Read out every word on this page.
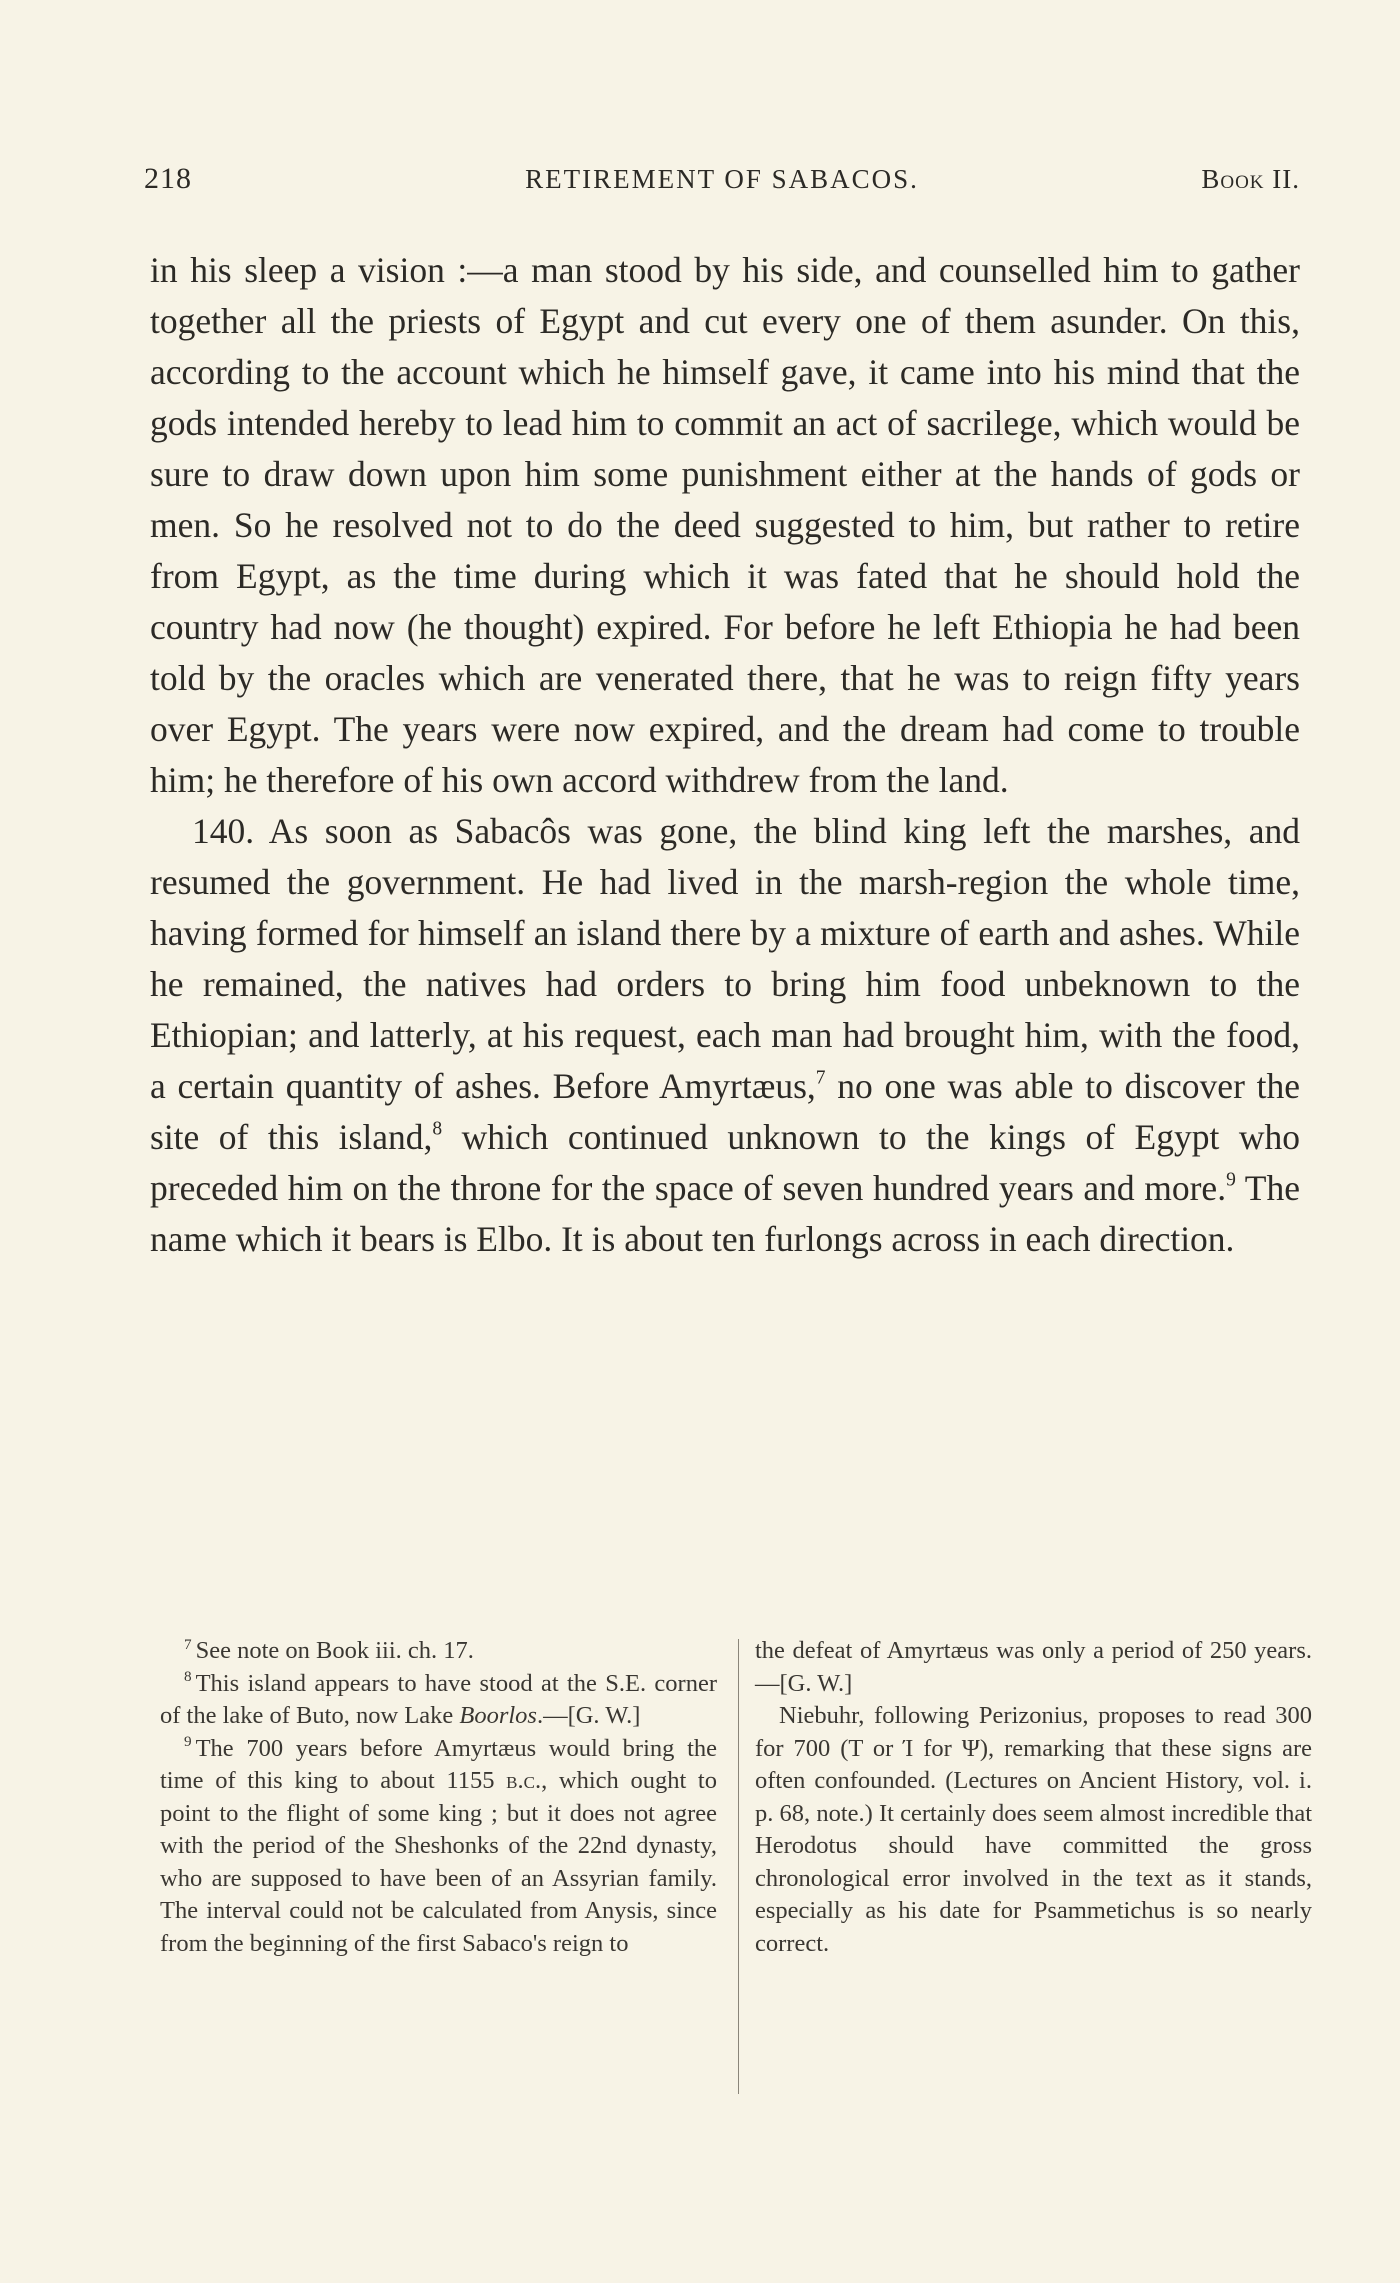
218	RETIREMENT OF SABACOS.	Book II.

in his sleep a vision :—a man stood by his side, and counselled him to gather together all the priests of Egypt and cut every one of them asunder. On this, according to the account which he himself gave, it came into his mind that the gods intended hereby to lead him to commit an act of sacrilege, which would be sure to draw down upon him some punishment either at the hands of gods or men. So he resolved not to do the deed suggested to him, but rather to retire from Egypt, as the time during which it was fated that he should hold the country had now (he thought) expired. For before he left Ethiopia he had been told by the oracles which are venerated there, that he was to reign fifty years over Egypt. The years were now expired, and the dream had come to trouble him; he therefore of his own accord withdrew from the land.

140. As soon as Sabacôs was gone, the blind king left the marshes, and resumed the government. He had lived in the marsh-region the whole time, having formed for himself an island there by a mixture of earth and ashes. While he remained, the natives had orders to bring him food unbeknown to the Ethiopian; and latterly, at his request, each man had brought him, with the food, a certain quantity of ashes. Before Amyrtæus,$^7$ no one was able to discover the site of this island,$^8$ which continued unknown to the kings of Egypt who preceded him on the throne for the space of seven hundred years and more.$^9$ The name which it bears is Elbo. It is about ten furlongs across in each direction.

$^7$ See note on Book iii. ch. 17.

$^8$ This island appears to have stood at the S.E. corner of the lake of Buto, now Lake Boorlos.—[G. W.]

$^9$ The 700 years before Amyrtæus would bring the time of this king to about 1155 b.c., which ought to point to the flight of some king ; but it does not agree with the period of the Sheshonks of the 22nd dynasty, who are supposed to have been of an Assyrian family. The interval could not be calculated from Anysis, since from the beginning of the first Sabaco's reign to

the defeat of Amyrtæus was only a period of 250 years.—[G. W.]

Niebuhr, following Perizonius, proposes to read 300 for 700 (T or Ί for Ψ), remarking that these signs are often confounded. (Lectures on Ancient History, vol. i. p. 68, note.) It certainly does seem almost incredible that Herodotus should have committed the gross chronological error involved in the text as it stands, especially as his date for Psammetichus is so nearly correct.
